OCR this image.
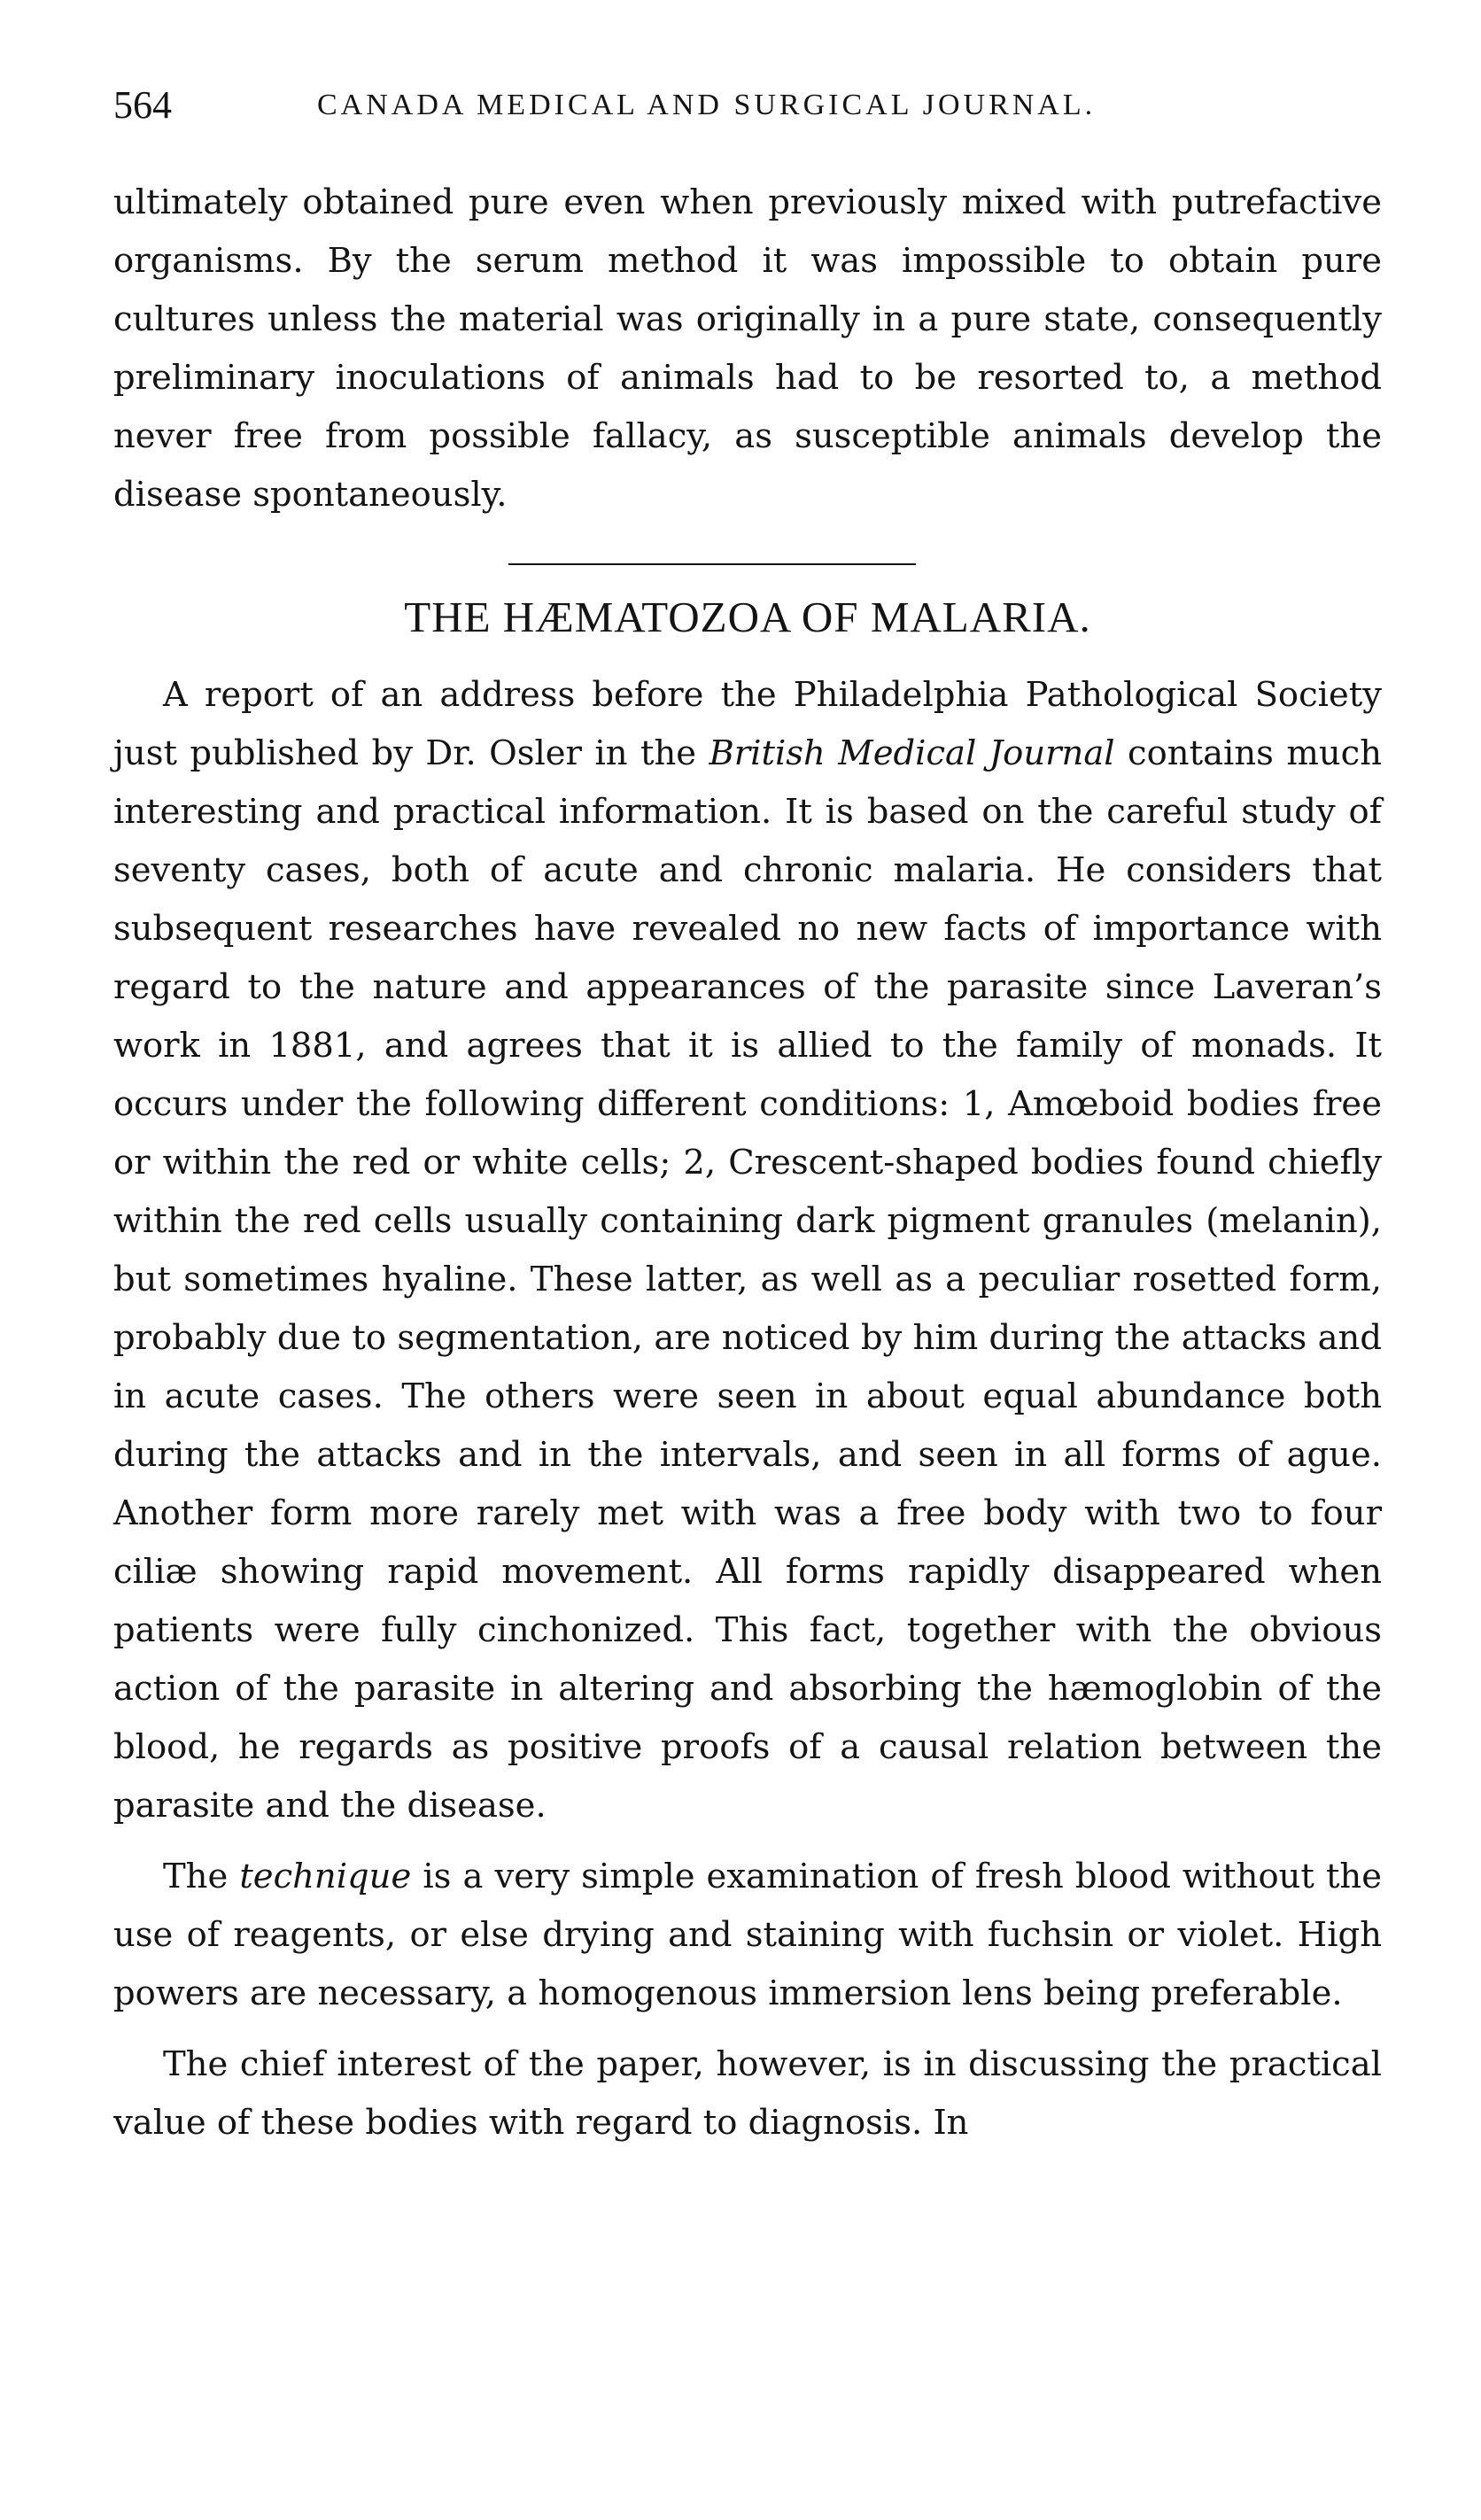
564	CANADA MEDICAL AND SURGICAL JOURNAL.

ultimately obtained pure even when previously mixed with putrefactive organisms. By the serum method it was impossible to obtain pure cultures unless the material was originally in a pure state, consequently preliminary inoculations of animals had to be resorted to, a method never free from possible fallacy, as susceptible animals develop the disease spontaneously.

THE HÆMATOZOA OF MALARIA.

A report of an address before the Philadelphia Pathological Society just published by Dr. Osler in the British Medical Journal contains much interesting and practical information. It is based on the careful study of seventy cases, both of acute and chronic malaria. He considers that subsequent researches have revealed no new facts of importance with regard to the nature and appearances of the parasite since Laveran’s work in 1881, and agrees that it is allied to the family of monads. It occurs under the following different conditions: 1, Amœboid bodies free or within the red or white cells; 2, Crescent-shaped bodies found chiefly within the red cells usually containing dark pigment granules (melanin), but sometimes hyaline. These latter, as well as a peculiar rosetted form, probably due to segmentation, are noticed by him during the attacks and in acute cases. The others were seen in about equal abundance both during the attacks and in the intervals, and seen in all forms of ague. Another form more rarely met with was a free body with two to four ciliæ showing rapid movement. All forms rapidly disappeared when patients were fully cinchonized. This fact, together with the obvious action of the parasite in altering and absorbing the hæmoglobin of the blood, he regards as positive proofs of a causal relation between the parasite and the disease.

The technique is a very simple examination of fresh blood without the use of reagents, or else drying and staining with fuchsin or violet. High powers are necessary, a homogenous immersion lens being preferable.

The chief interest of the paper, however, is in discussing the practical value of these bodies with regard to diagnosis. In
